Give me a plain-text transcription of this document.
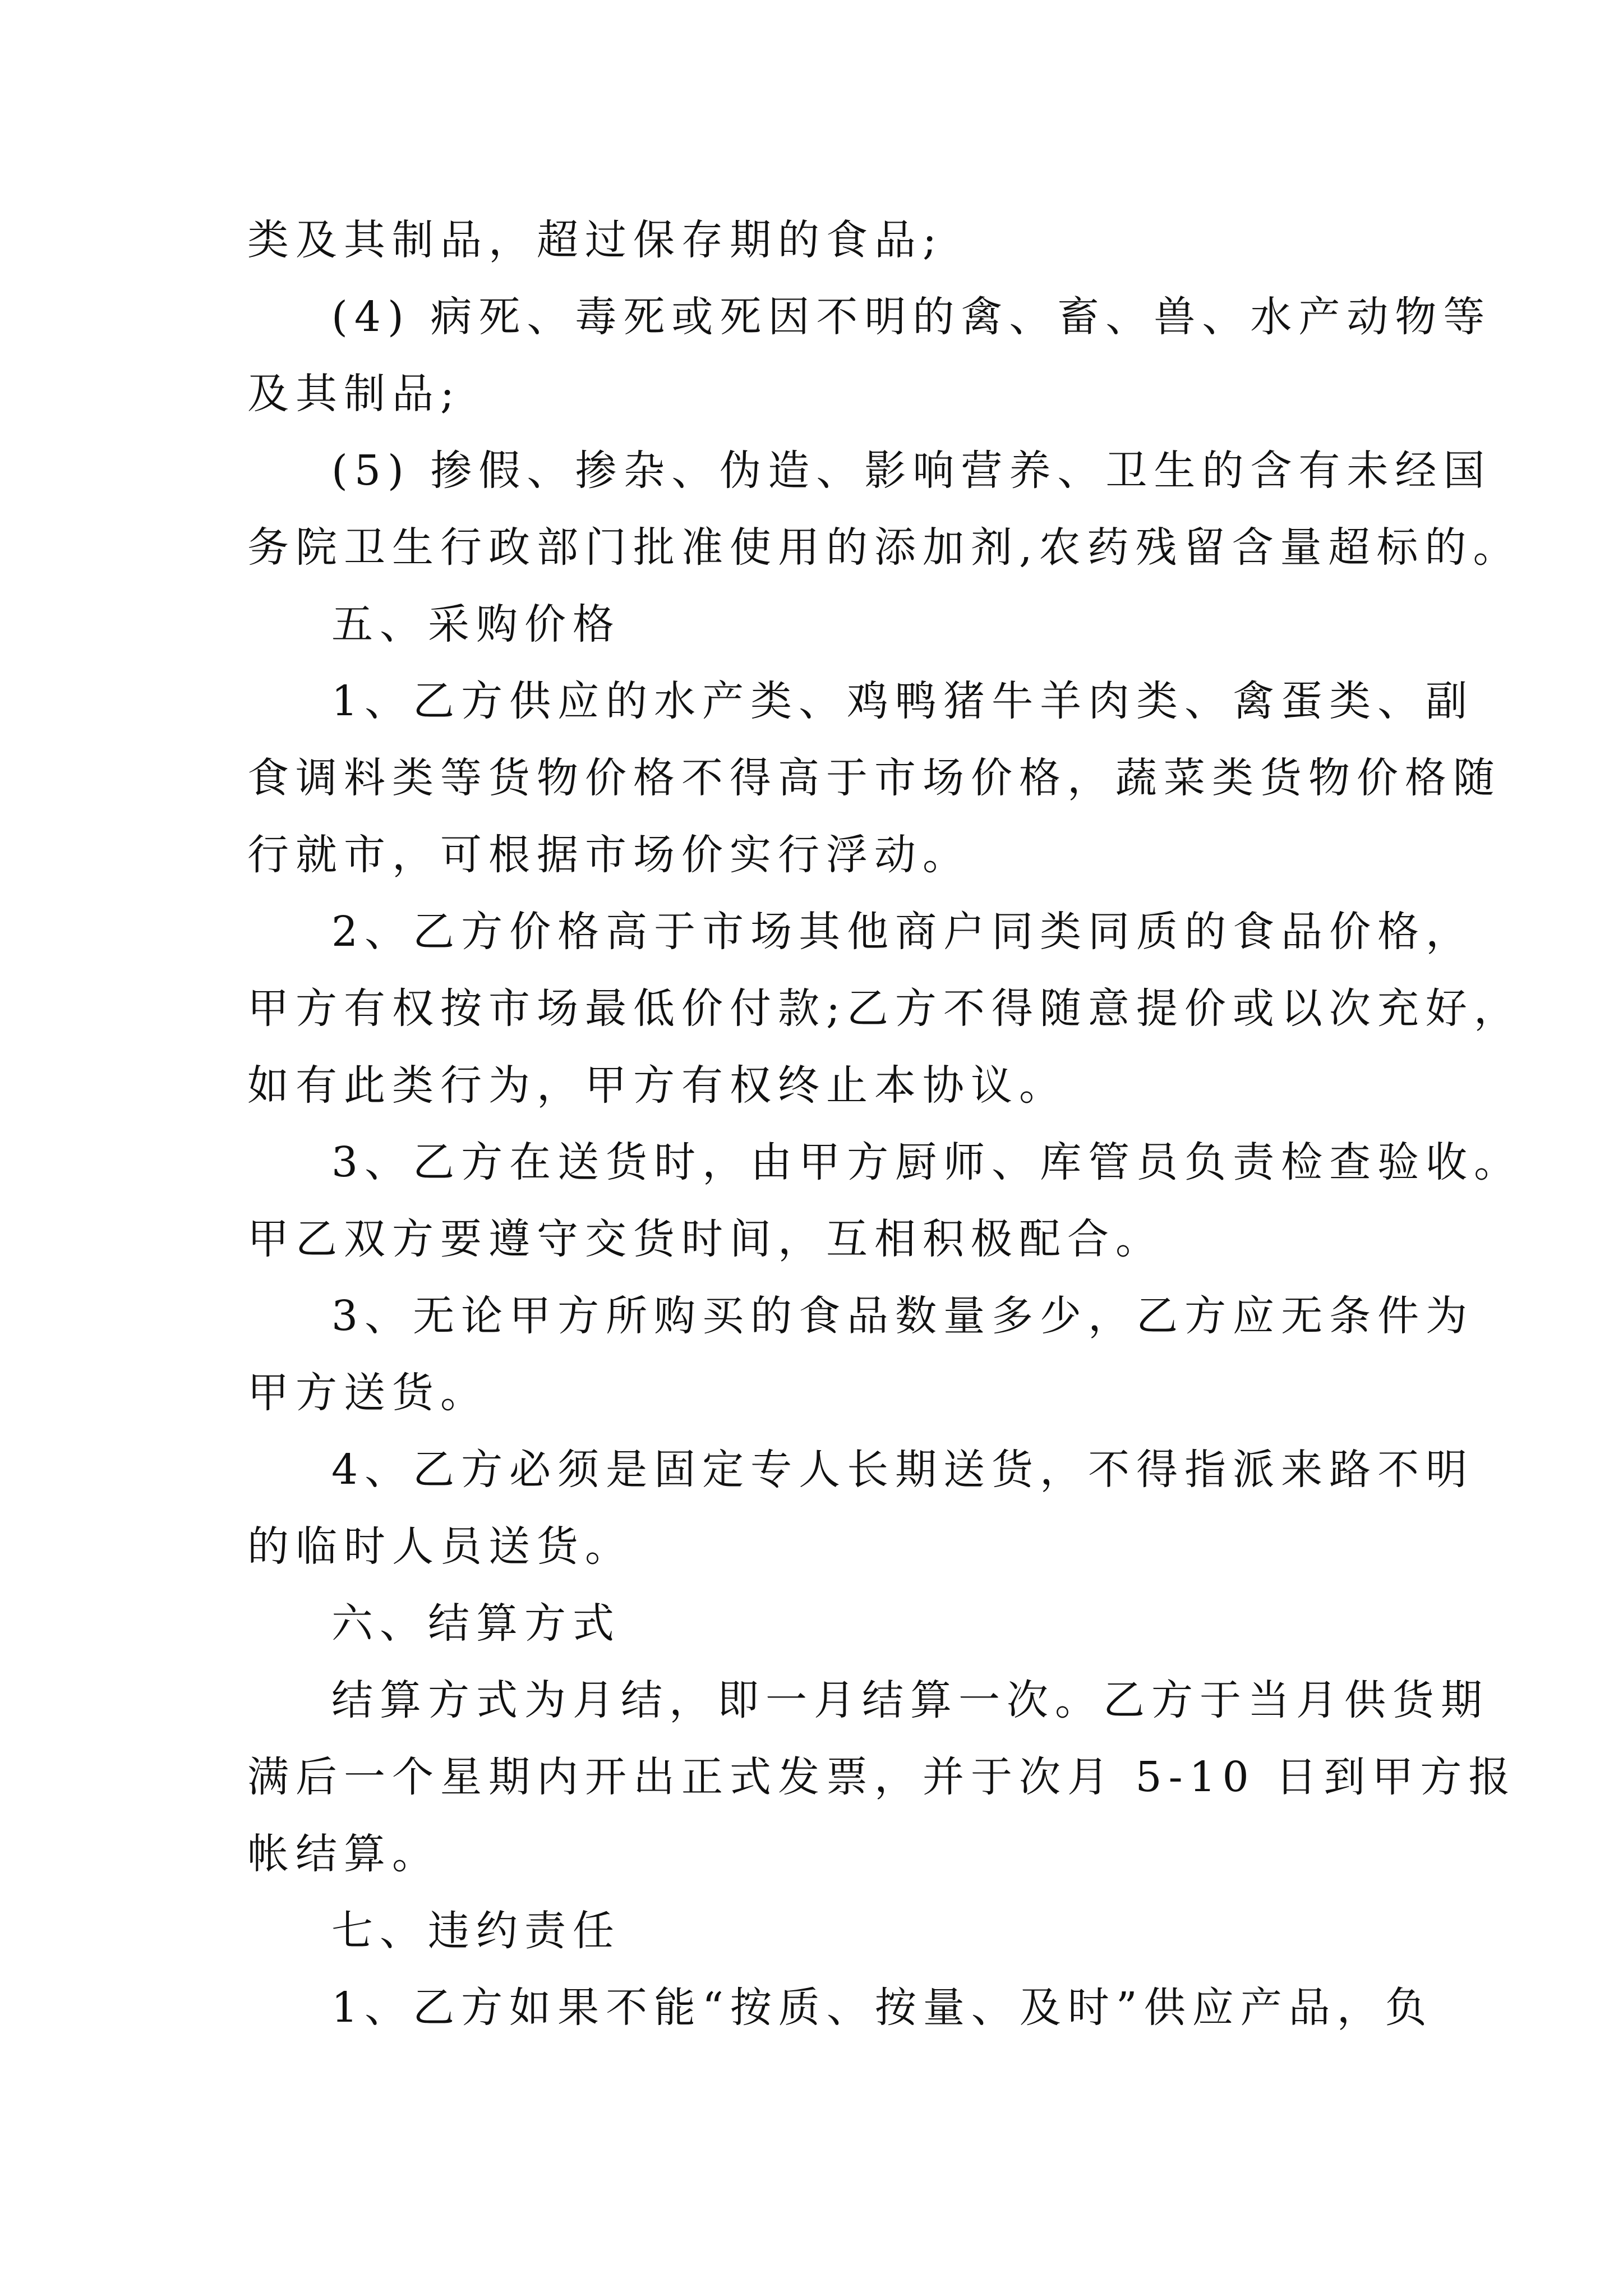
类及其制品，超过保存期的食品;
(4) 病死、毒死或死因不明的禽、畜、兽、水产动物等
及其制品;
(5) 掺假、掺杂、伪造、影响营养、卫生的含有未经国
务院卫生行政部门批准使用的添加剂,农药残留含量超标的。
五、采购价格
1、乙方供应的水产类、鸡鸭猪牛羊肉类、禽蛋类、副
食调料类等货物价格不得高于市场价格，蔬菜类货物价格随
行就市，可根据市场价实行浮动。
2、乙方价格高于市场其他商户同类同质的食品价格，
甲方有权按市场最低价付款;乙方不得随意提价或以次充好，
如有此类行为，甲方有权终止本协议。
3、乙方在送货时，由甲方厨师、库管员负责检查验收。
甲乙双方要遵守交货时间，互相积极配合。
3、无论甲方所购买的食品数量多少，乙方应无条件为
甲方送货。
4、乙方必须是固定专人长期送货，不得指派来路不明
的临时人员送货。
六、结算方式
结算方式为月结，即一月结算一次。乙方于当月供货期
满后一个星期内开出正式发票，并于次月 5-10 日到甲方报
帐结算。
七、违约责任
1、乙方如果不能“按质、按量、及时”供应产品，负
